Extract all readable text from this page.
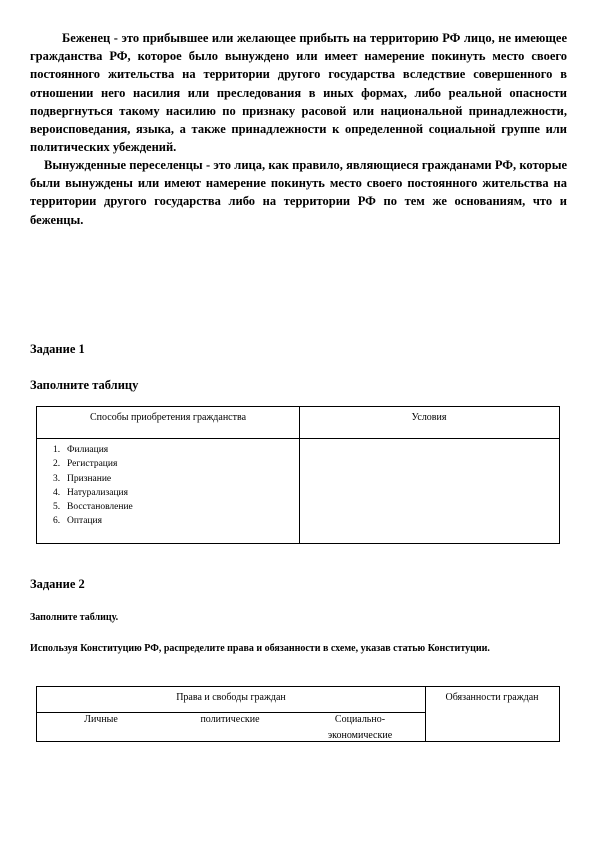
Беженец - это прибывшее или желающее прибыть на территорию РФ лицо, не имеющее гражданства РФ, которое было вынуждено или имеет намерение покинуть место своего постоянного жительства на территории другого государства вследствие совершенного в отношении него насилия или преследования в иных формах, либо реальной опасности подвергнуться такому насилию по признаку расовой или национальной принадлежности, вероисповедания, языка, а также принадлежности к определенной социальной группе или политических убеждений.

Вынужденные переселенцы - это лица, как правило, являющиеся гражданами РФ, которые были вынуждены или имеют намерение покинуть место своего постоянного жительства на территории другого государства либо на территории РФ по тем же основаниям, что и беженцы.

Задание 1
Заполните таблицу
Способы приобретения гражданства	Условия
1. Филиация
2. Регистрация
3. Признание
4. Натурализация
5. Восстановление
6. Оптация
Задание 2
Заполните таблицу.
Используя Конституцию РФ, распределите права и обязанности в схеме, указав статью Конституции.
Права и свободы граждан	Обязанности граждан
Личные	политические	Социально-экономические
